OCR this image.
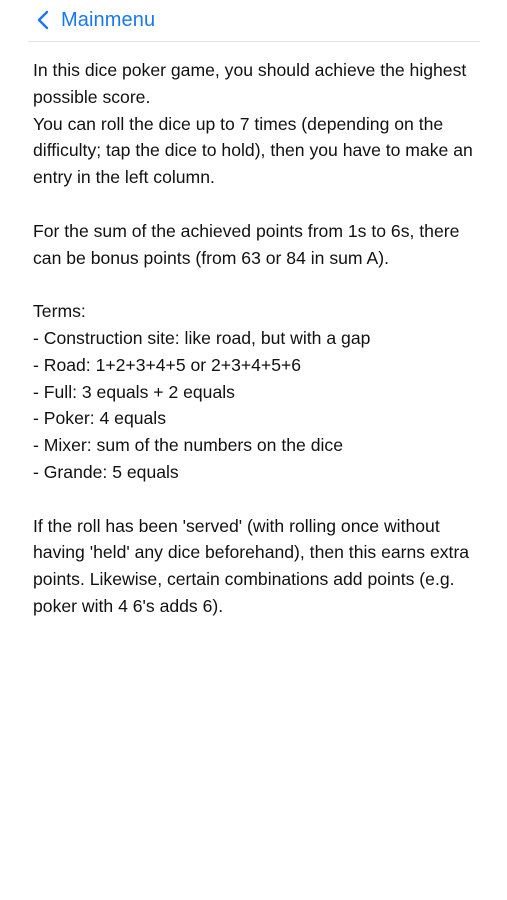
Mainmenu

In this dice poker game, you should achieve the highest possible score.

You can roll the dice up to 7 times (depending on the difficulty; tap the dice to hold), then you have to make an entry in the left column.

For the sum of the achieved points from 1s to 6s, there can be bonus points (from 63 or 84 in sum A).

Terms:

- Construction site: like road, but with a gap
- Road: 1+2+3+4+5 or 2+3+4+5+6
- Full: 3 equals + 2 equals
- Poker: 4 equals
- Mixer: sum of the numbers on the dice
- Grande: 5 equals

If the roll has been 'served' (with rolling once without having 'held' any dice beforehand), then this earns extra points. Likewise, certain combinations add points (e.g. poker with 4 6's adds 6).
